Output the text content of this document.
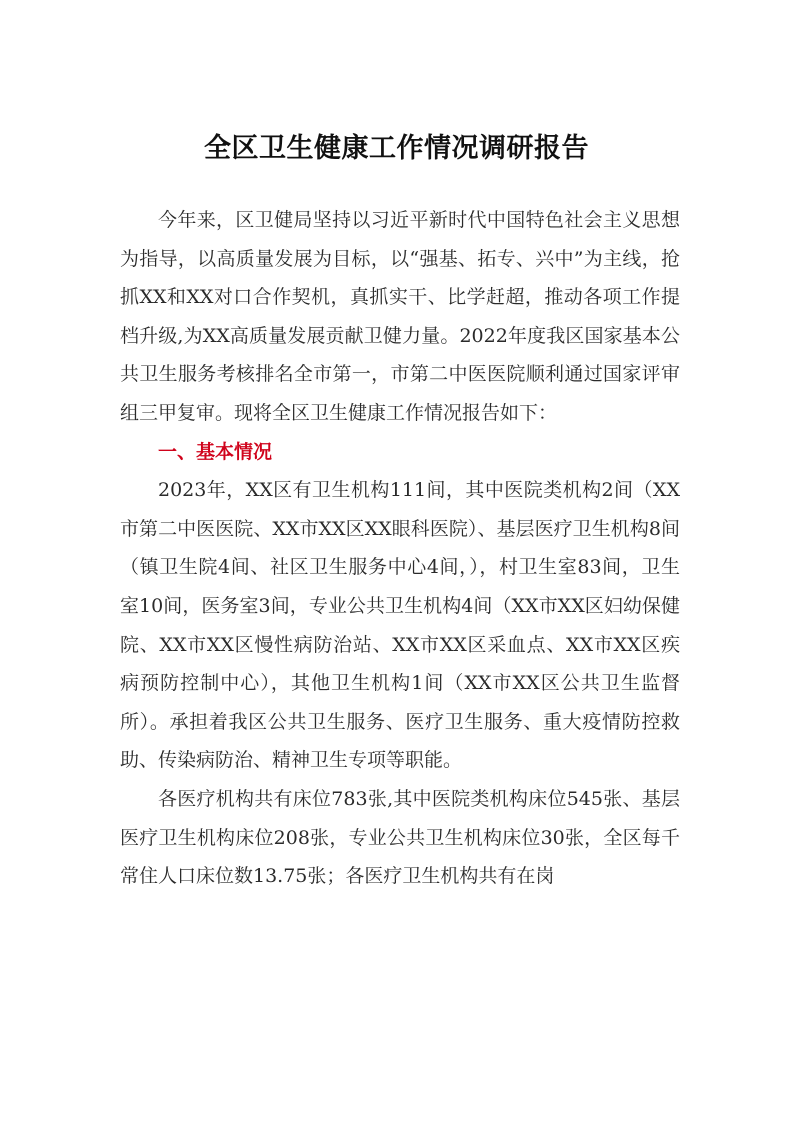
全区卫生健康工作情况调研报告

今年来，区卫健局坚持以习近平新时代中国特色社会主义思想为指导，以高质量发展为目标，以“强基、拓专、兴中”为主线，抢抓XX和XX对口合作契机，真抓实干、比学赶超，推动各项工作提档升级,为XX高质量发展贡献卫健力量。2022年度我区国家基本公共卫生服务考核排名全市第一，市第二中医医院顺利通过国家评审组三甲复审。现将全区卫生健康工作情况报告如下：

一、基本情况

2023年，XX区有卫生机构111间，其中医院类机构2间（XX市第二中医医院、XX市XX区XX眼科医院）、基层医疗卫生机构8间（镇卫生院4间、社区卫生服务中心4间，），村卫生室83间，卫生室10间，医务室3间，专业公共卫生机构4间（XX市XX区妇幼保健院、XX市XX区慢性病防治站、XX市XX区采血点、XX市XX区疾病预防控制中心），其他卫生机构1间（XX市XX区公共卫生监督所）。承担着我区公共卫生服务、医疗卫生服务、重大疫情防控救助、传染病防治、精神卫生专项等职能。

各医疗机构共有床位783张,其中医院类机构床位545张、基层医疗卫生机构床位208张，专业公共卫生机构床位30张，全区每千常住人口床位数13.75张；各医疗卫生机构共有在岗
